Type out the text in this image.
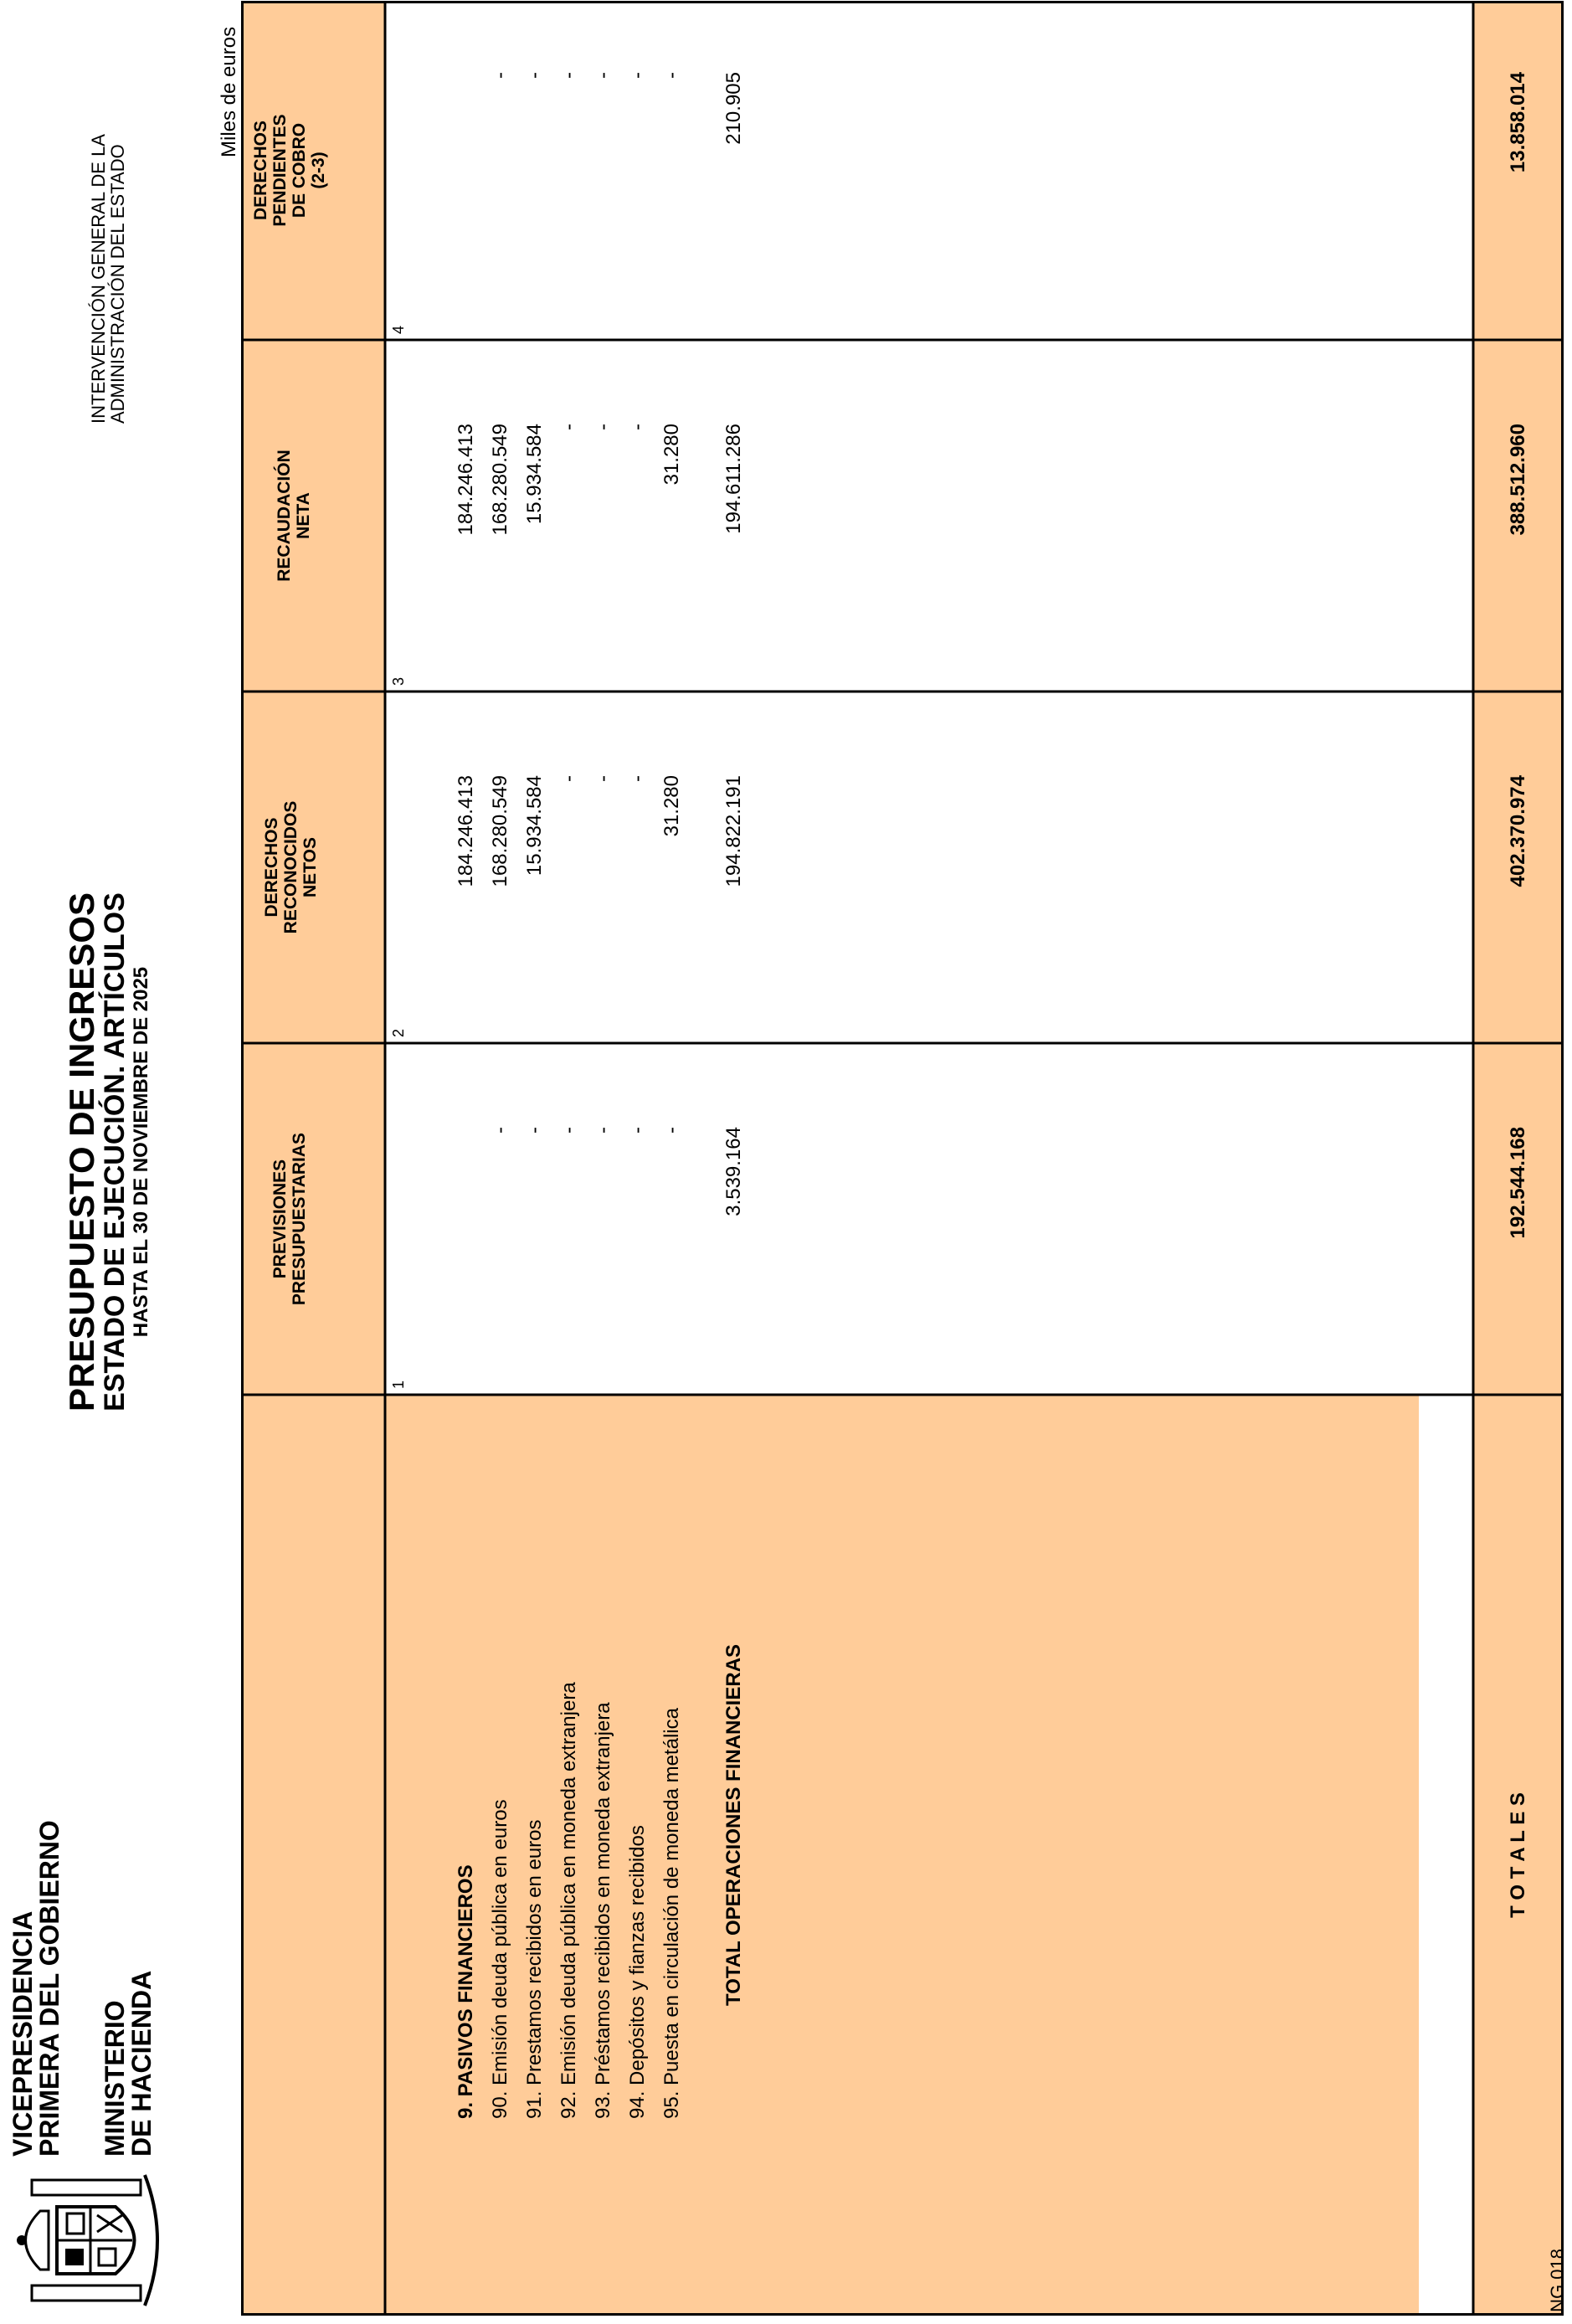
VICEPRESIDENCIA
PRIMERA DEL GOBIERNO MINISTERIO
DE HACIENDA
PRESUPUESTO DE INGRESOS
ESTADO DE EJECUCIÓN. ARTÍCULOS HASTA EL 30 DE NOVIEMBRE DE 2025
INTERVENCIÓN GENERAL DE LA
ADMINISTRACIÓN DEL ESTADO
Miles de euros
PREVISIONES PRESUPUESTARIAS
DERECHOS RECONOCIDOS NETOS
RECAUDACIÓN NETA
DERECHOS PENDIENTES DE COBRO (2-3)
1
2
3
4
9. PASIVOS FINANCIEROS
184.246.413
184.246.413
90. Emisión deuda pública en euros
-
168.280.549
168.280.549
-
91. Prestamos recibidos en euros
-
15.934.584
15.934.584
-
92. Emisión deuda pública en moneda extranjera
-
-
-
-
93. Préstamos recibidos en moneda extranjera
-
-
-
-
94. Depósitos y fianzas recibidos
-
-
-
-
95. Puesta en circulación de moneda metálica
-
31.280
31.280
-
TOTAL OPERACIONES FINANCIERAS
3.539.164
194.822.191
194.611.286
210.905
T O T A L E S
192.544.168
402.370.974
388.512.960
13.858.014
ING 018
